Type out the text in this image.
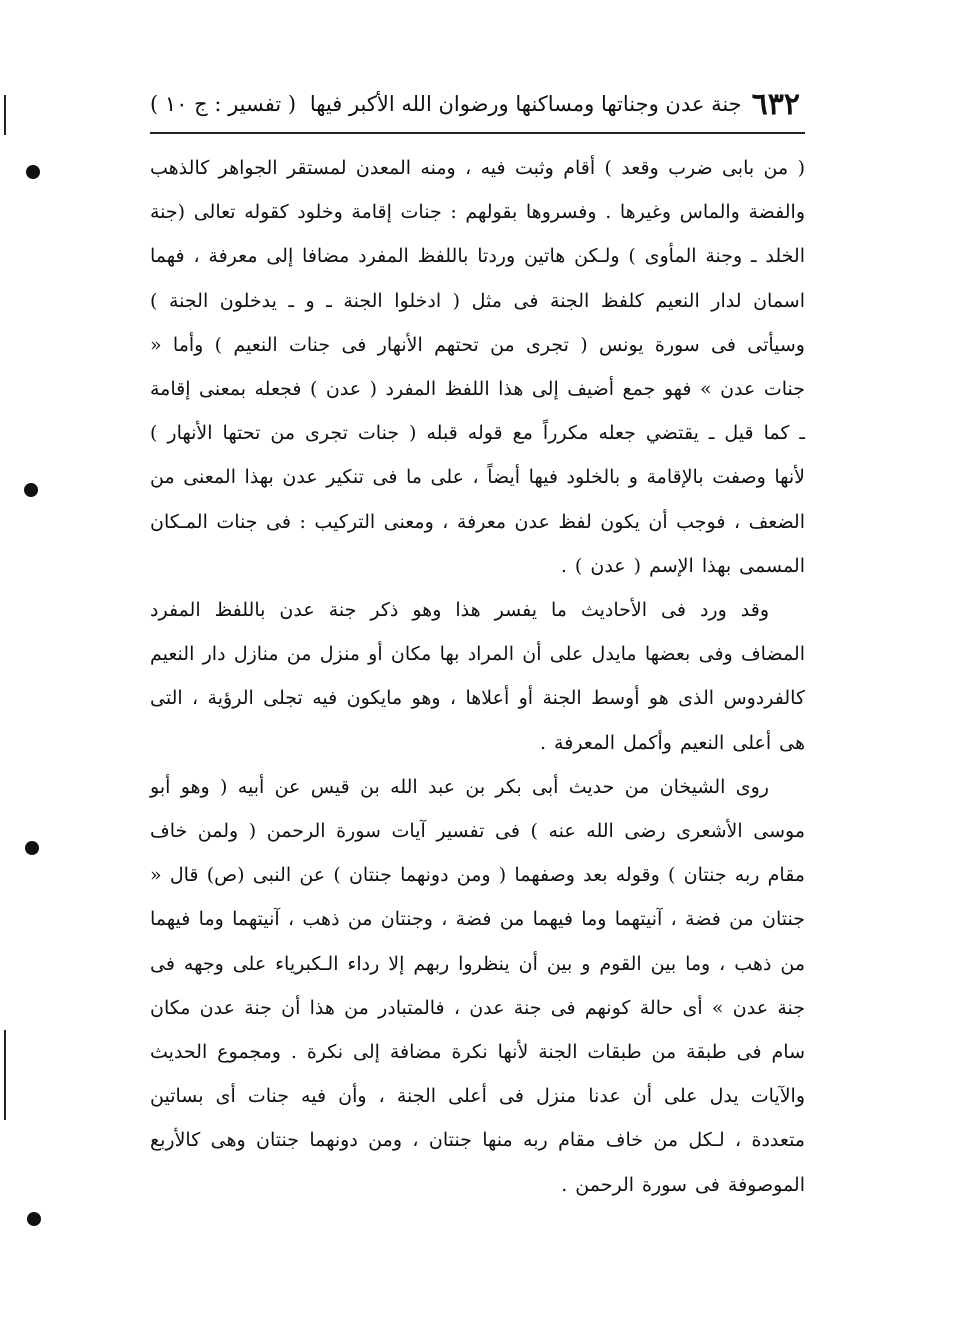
٦٣٢
جنة عدن وجناتها ومساكنها ورضوان الله الأكبر فيها
( تفسير : ج ١٠ )

( من بابى ضرب وقعد ) أقام وثبت فيه ، ومنه المعدن لمستقر الجواهر كالذهب والفضة والماس وغيرها . وفسروها بقولهم : جنات إقامة وخلود كقوله تعالى (جنة الخلد ـ وجنة المأوى ) ولـكن هاتين وردتا باللفظ المفرد مضافا إلى معرفة ، فهما اسمان لدار النعيم كلفظ الجنة فى مثل ( ادخلوا الجنة ـ و ـ يدخلون الجنة ) وسيأتى فى سورة يونس ( تجرى من تحتهم الأنهار فى جنات النعيم ) وأما « جنات عدن » فهو جمع أضيف إلى هذا اللفظ المفرد ( عدن ) فجعله بمعنى إقامة ـ كما قيل ـ يقتضي جعله مكرراً مع قوله قبله ( جنات تجرى من تحتها الأنهار ) لأنها وصفت بالإقامة و بالخلود فيها أيضاً ، على ما فى تنكير عدن بهذا المعنى من الضعف ، فوجب أن يكون لفظ عدن معرفة ، ومعنى التركيب : فى جنات المـكان المسمى بهذا الإسم ( عدن ) .

وقد ورد فى الأحاديث ما يفسر هذا وهو ذكر جنة عدن باللفظ المفرد المضاف وفى بعضها مايدل على أن المراد بها مكان أو منزل من منازل دار النعيم كالفردوس الذى هو أوسط الجنة أو أعلاها ، وهو مايكون فيه تجلى الرؤية ، التى هى أعلى النعيم وأكمل المعرفة .

روى الشيخان من حديث أبى بكر بن عبد الله بن قيس عن أبيه ( وهو أبو موسى الأشعرى رضى الله عنه ) فى تفسير آيات سورة الرحمن ( ولمن خاف مقام ربه جنتان ) وقوله بعد وصفهما ( ومن دونهما جنتان ) عن النبى (ص) قال « جنتان من فضة ، آنيتهما وما فيهما من فضة ، وجنتان من ذهب ، آنيتهما وما فيهما من ذهب ، وما بين القوم و بين أن ينظروا ربهم إلا رداء الـكبرياء على وجهه فى جنة عدن » أى حالة كونهم فى جنة عدن ، فالمتبادر من هذا أن جنة عدن مكان سام فى طبقة من طبقات الجنة لأنها نكرة مضافة إلى نكرة . ومجموع الحديث والآيات يدل على أن عدنا منزل فى أعلى الجنة ، وأن فيه جنات أى بساتين متعددة ، لـكل من خاف مقام ربه منها جنتان ، ومن دونهما جنتان وهى كالأربع الموصوفة فى سورة الرحمن .
